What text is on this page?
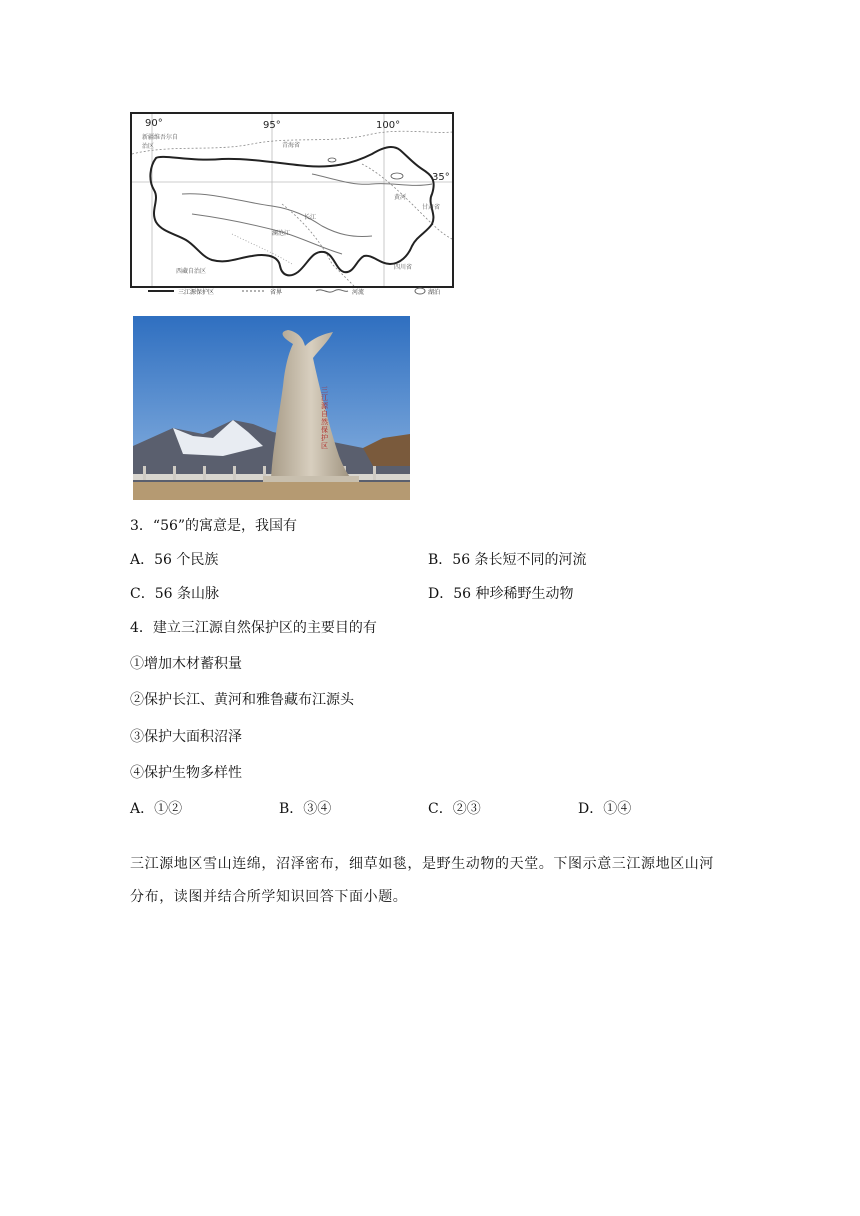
90°	95°	100°
35°
新疆维吾尔自治区	青海省
长江
黄河
澜沧江
西藏自治区
四川省
甘肃省
三江源保护区	省界	河流	湖泊
三江源自然保护区
3．“56”的寓意是，我国有
A．56 个民族	B．56 条长短不同的河流
C．56 条山脉	D．56 种珍稀野生动物
4．建立三江源自然保护区的主要目的有
①增加木材蓄积量
②保护长江、黄河和雅鲁藏布江源头
③保护大面积沼泽
④保护生物多样性
A．①②	B．③④	C．②③	D．①④
三江源地区雪山连绵，沼泽密布，细草如毯，是野生动物的天堂。下图示意三江源地区山河
分布，读图并结合所学知识回答下面小题。
